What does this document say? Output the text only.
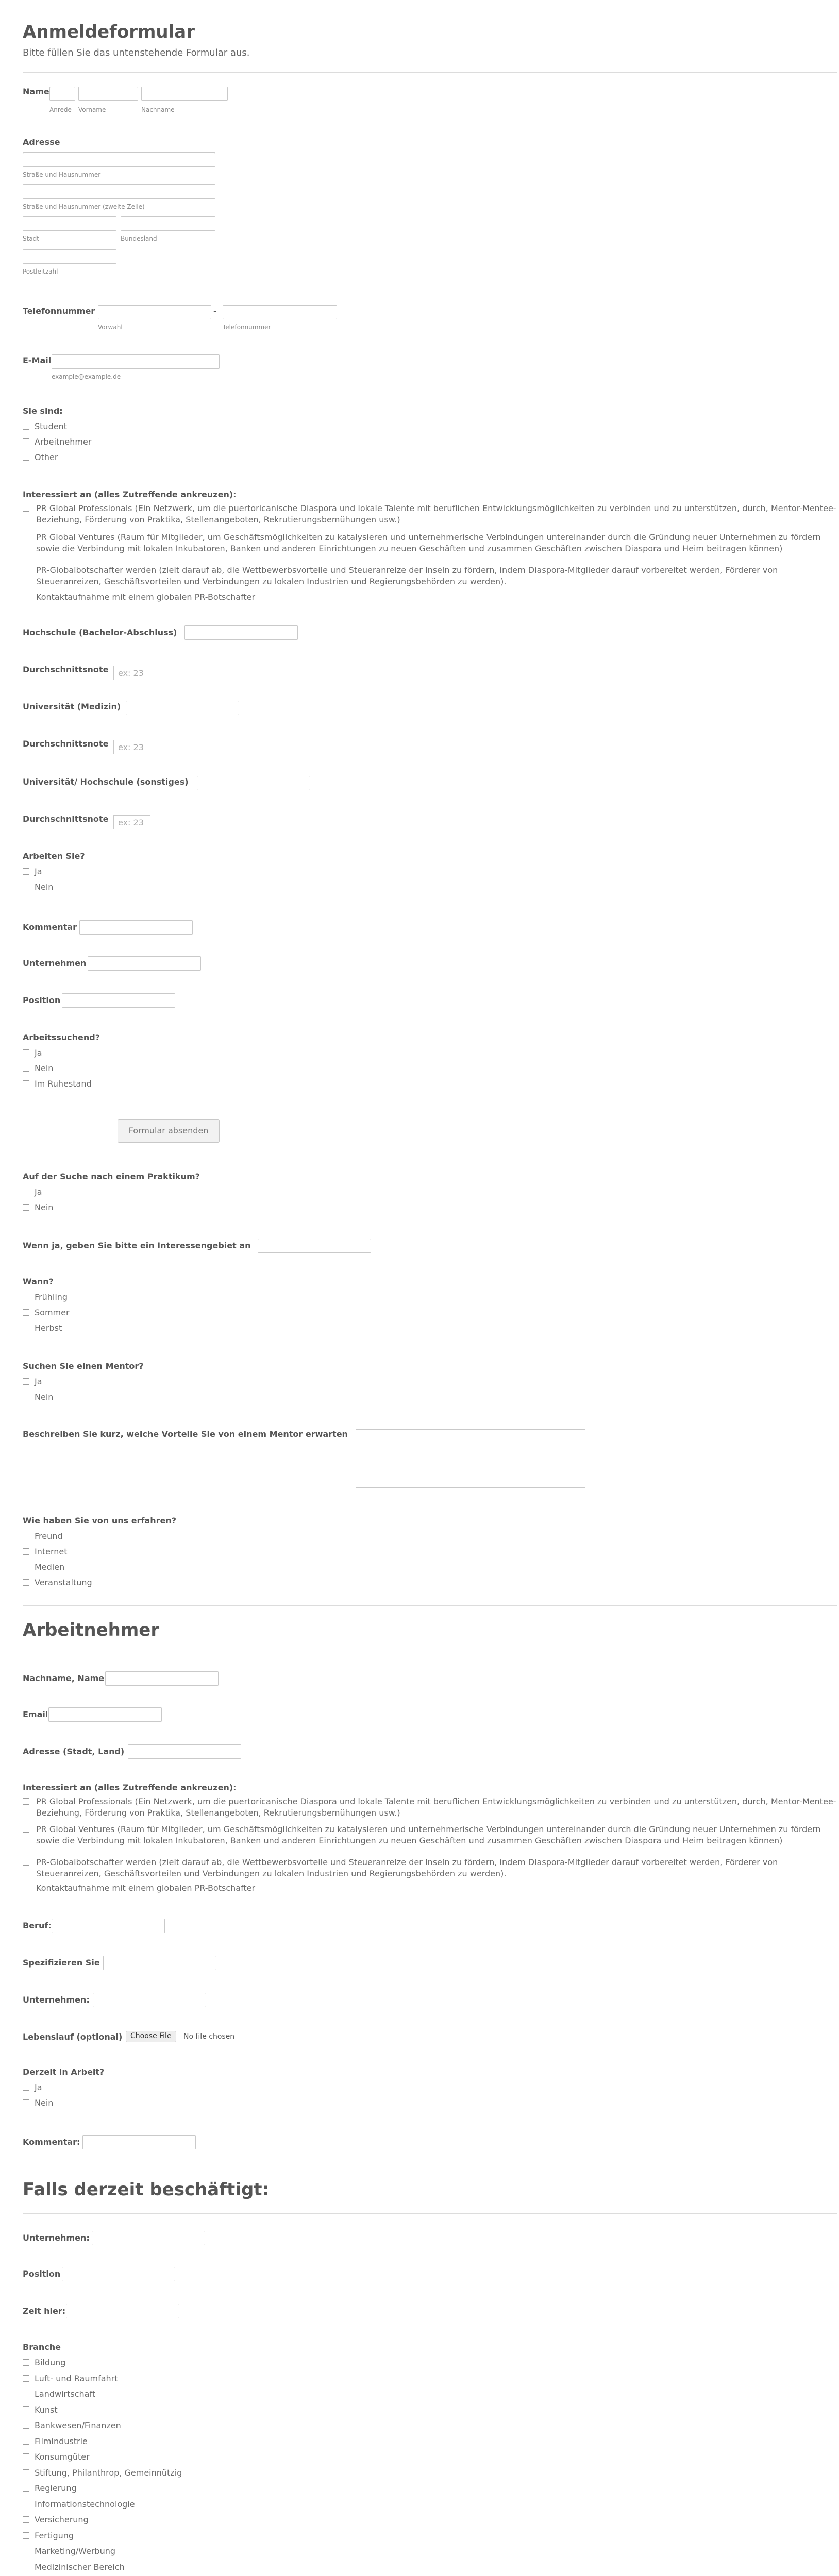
Anmeldeformular
Bitte füllen Sie das untenstehende Formular aus.
Name
Anrede Vorname	Nachname
Adresse
Straße und Hausnummer
Straße und Hausnummer (zweite Zeile)
Stadt	Bundesland
Postleitzahl
Telefonnummer	-
Vorwahl	Telefonnummer
E-Mail
example@example.de
Sie sind:
Student
Arbeitnehmer
Other
Interessiert an (alles Zutreffende ankreuzen):
PR Global Professionals (Ein Netzwerk, um die puertoricanische Diaspora und lokale Talente mit beruflichen Entwicklungsmöglichkeiten zu verbinden und zu unterstützen, durch, Mentor-Mentee-Beziehung, Förderung von Praktika, Stellenangeboten, Rekrutierungsbemühungen usw.)
PR Global Ventures (Raum für Mitglieder, um Geschäftsmöglichkeiten zu katalysieren und unternehmerische Verbindungen untereinander durch die Gründung neuer Unternehmen zu fördern sowie die Verbindung mit lokalen Inkubatoren, Banken und anderen Einrichtungen zu neuen Geschäften und zusammen Geschäften zwischen Diaspora und Heim beitragen können)
PR-Globalbotschafter werden (zielt darauf ab, die Wettbewerbsvorteile und Steueranreize der Inseln zu fördern, indem Diaspora-Mitglieder darauf vorbereitet werden, Förderer von Steueranreizen, Geschäftsvorteilen und Verbindungen zu lokalen Industrien und Regierungsbehörden zu werden).
Kontaktaufnahme mit einem globalen PR-Botschafter
Hochschule (Bachelor-Abschluss)
Durchschnittsnote	ex: 23
Universität (Medizin)
Durchschnittsnote	ex: 23
Universität/ Hochschule (sonstiges)
Durchschnittsnote	ex: 23
Arbeiten Sie?
Ja
Nein
Kommentar
Unternehmen
Position
Arbeitssuchend?
Ja
Nein
Im Ruhestand
Formular absenden
Auf der Suche nach einem Praktikum?
Ja
Nein
Wenn ja, geben Sie bitte ein Interessengebiet an
Wann?
Frühling
Sommer
Herbst
Suchen Sie einen Mentor?
Ja
Nein
Beschreiben Sie kurz, welche Vorteile Sie von einem Mentor erwarten
Wie haben Sie von uns erfahren?
Freund
Internet
Medien
Veranstaltung
Arbeitnehmer
Nachname, Name
Email
Adresse (Stadt, Land)
Interessiert an (alles Zutreffende ankreuzen):
PR Global Professionals (Ein Netzwerk, um die puertoricanische Diaspora und lokale Talente mit beruflichen Entwicklungsmöglichkeiten zu verbinden und zu unterstützen, durch, Mentor-Mentee-Beziehung, Förderung von Praktika, Stellenangeboten, Rekrutierungsbemühungen usw.)
PR Global Ventures (Raum für Mitglieder, um Geschäftsmöglichkeiten zu katalysieren und unternehmerische Verbindungen untereinander durch die Gründung neuer Unternehmen zu fördern sowie die Verbindung mit lokalen Inkubatoren, Banken und anderen Einrichtungen zu neuen Geschäften und zusammen Geschäften zwischen Diaspora und Heim beitragen können)
PR-Globalbotschafter werden (zielt darauf ab, die Wettbewerbsvorteile und Steueranreize der Inseln zu fördern, indem Diaspora-Mitglieder darauf vorbereitet werden, Förderer von Steueranreizen, Geschäftsvorteilen und Verbindungen zu lokalen Industrien und Regierungsbehörden zu werden).
Kontaktaufnahme mit einem globalen PR-Botschafter
Beruf:
Spezifizieren Sie
Unternehmen:
Lebenslauf (optional)	Choose File	No file chosen
Derzeit in Arbeit?
Ja
Nein
Kommentar:
Falls derzeit beschäftigt:
Unternehmen:
Position
Zeit hier:
Branche
Bildung
Luft- und Raumfahrt
Landwirtschaft
Kunst
Bankwesen/Finanzen
Filmindustrie
Konsumgüter
Stiftung, Philanthrop, Gemeinnützig
Regierung
Informationstechnologie
Versicherung
Fertigung
Marketing/Werbung
Medizinischer Bereich
